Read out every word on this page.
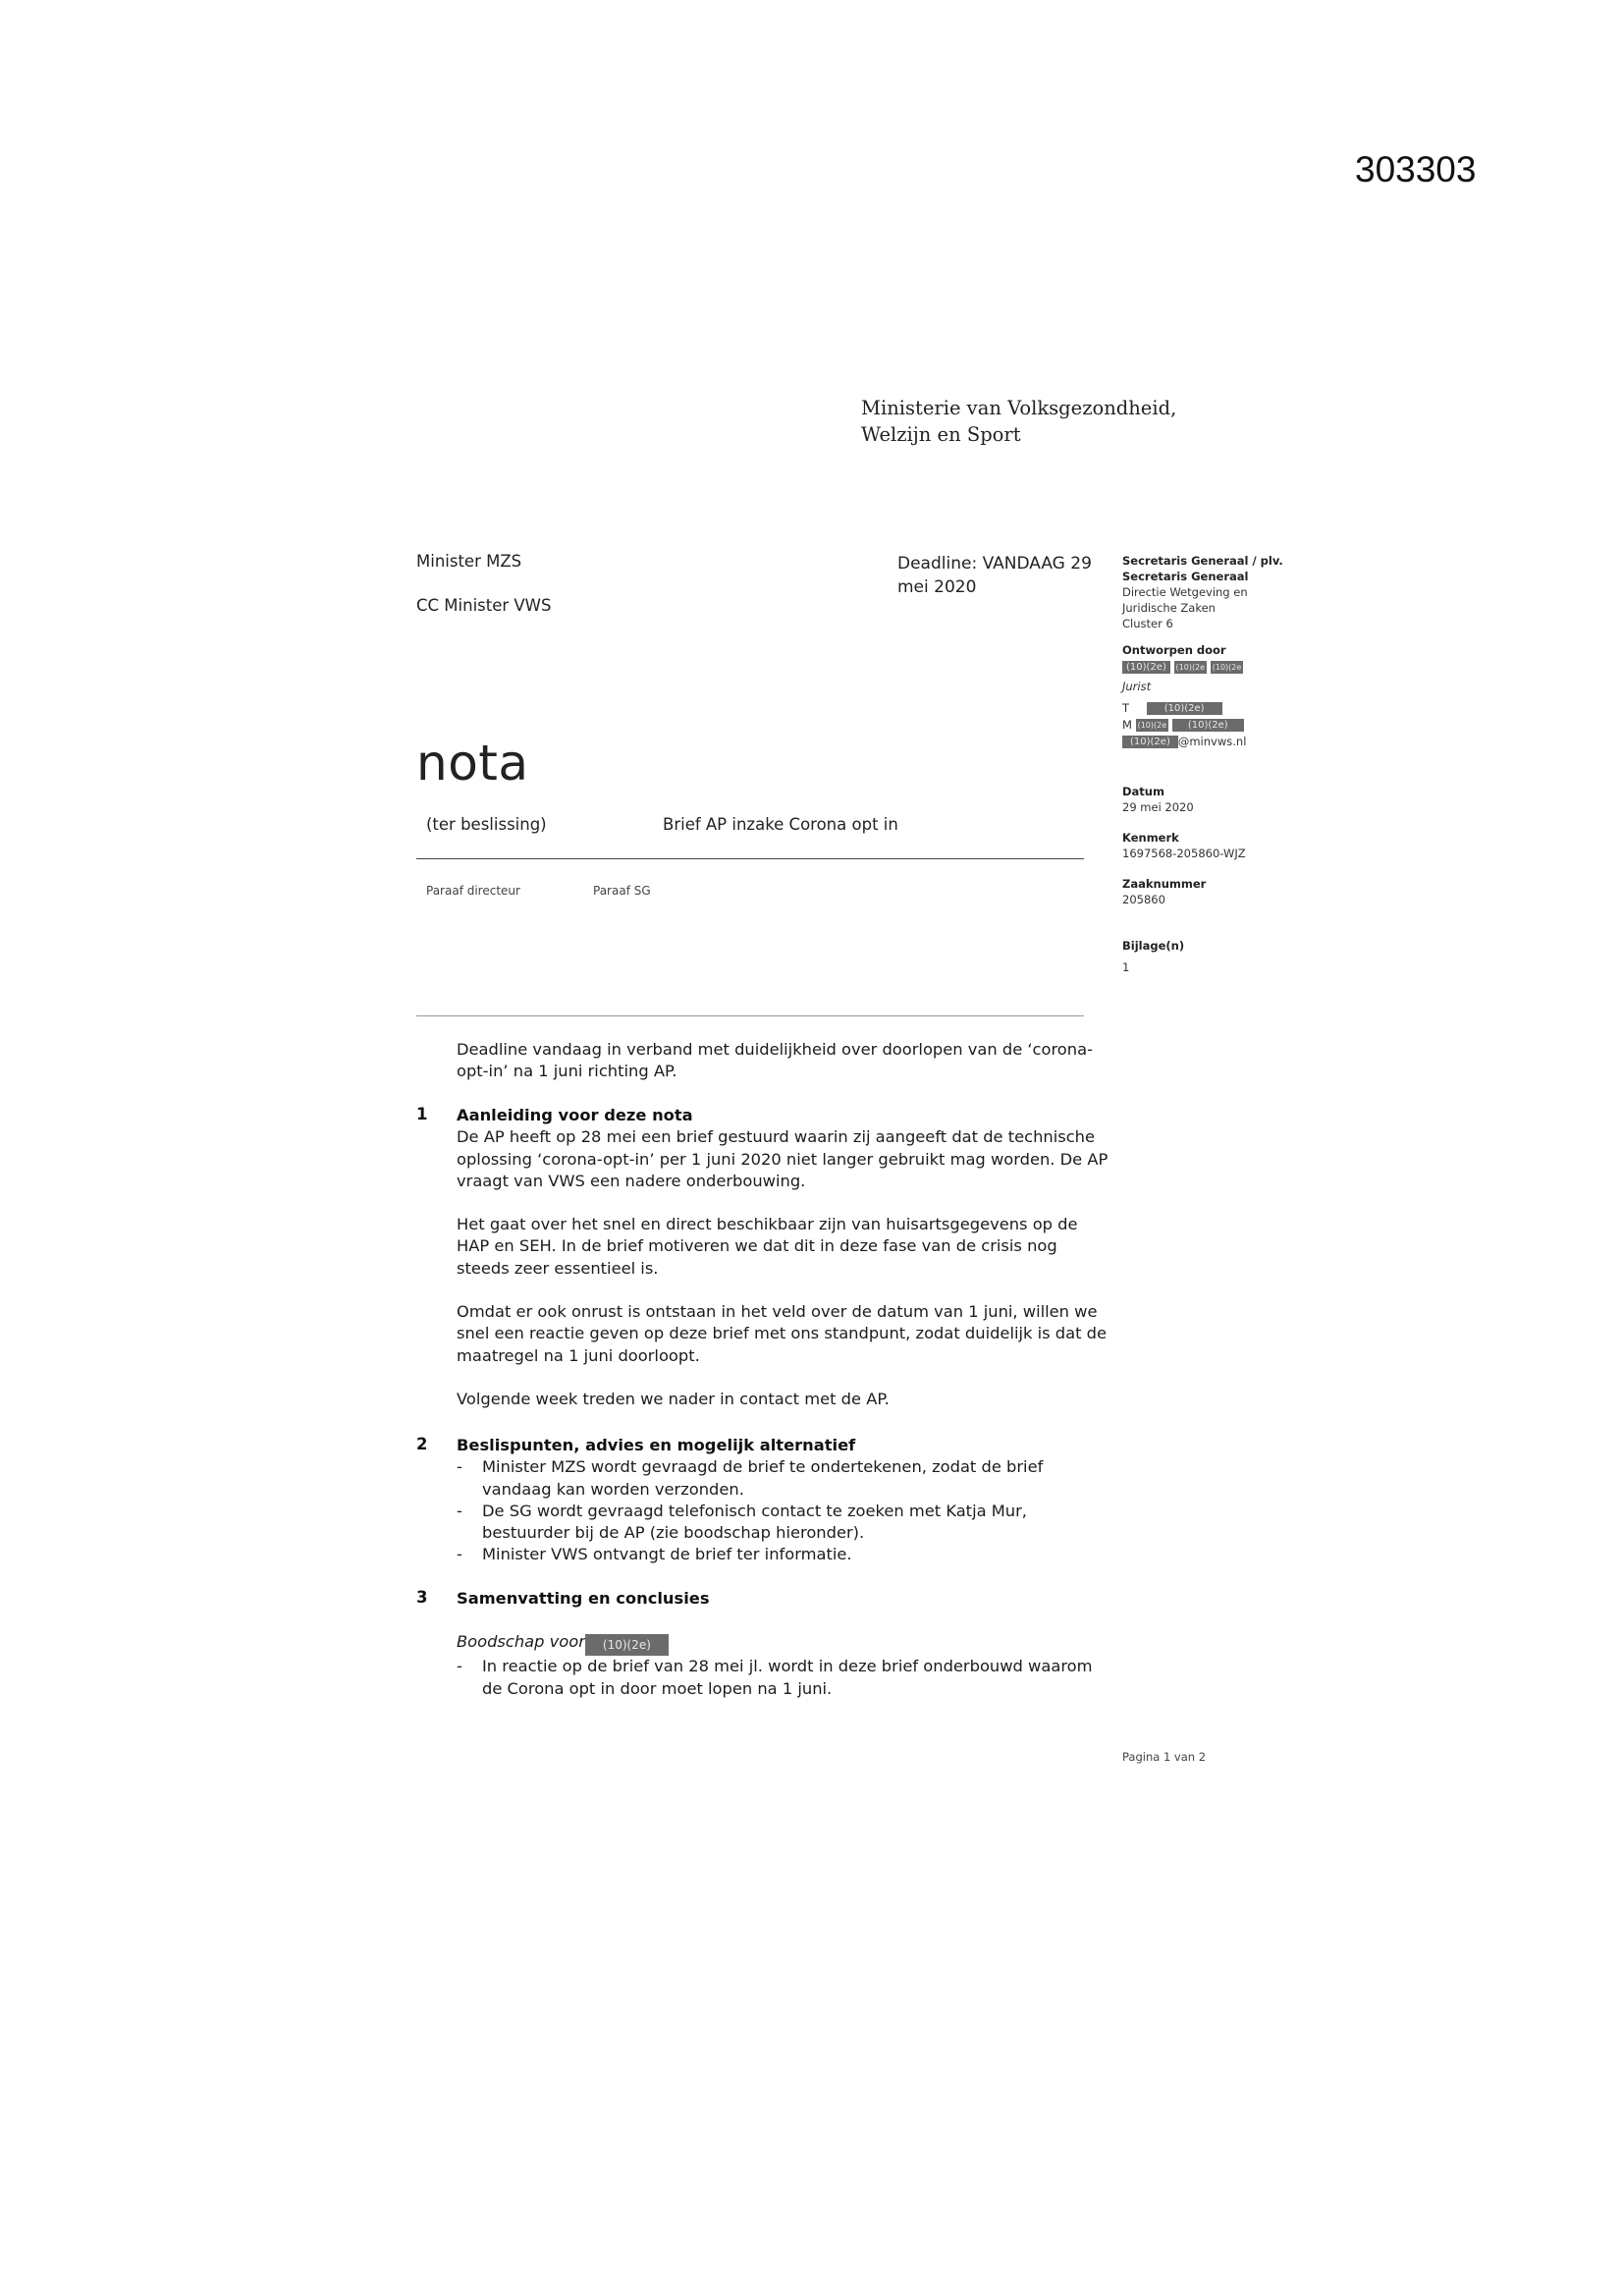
303303
Ministerie van Volksgezondheid,
Welzijn en Sport
Minister MZS
CC Minister VWS
Deadline: VANDAAG 29 mei 2020
Secretaris Generaal / plv.
Secretaris Generaal
Directie Wetgeving en
Juridische Zaken
Cluster 6
Ontworpen door
(10)(2e) (10)(2e (10)(2e
Jurist
T	(10)(2e)
M (10)(2e (10)(2e)
(10)(2e) @minvws.nl
Datum
29 mei 2020
Kenmerk
1697568-205860-WJZ
Zaaknummer
205860
Bijlage(n)
1
nota
(ter beslissing)	Brief AP inzake Corona opt in
Paraaf directeur	Paraaf SG
Deadline vandaag in verband met duidelijkheid over doorlopen van de ‘corona-opt-in’ na 1 juni richting AP.
1 Aanleiding voor deze nota

De AP heeft op 28 mei een brief gestuurd waarin zij aangeeft dat de technische oplossing ‘corona-opt-in’ per 1 juni 2020 niet langer gebruikt mag worden. De AP vraagt van VWS een nadere onderbouwing.

Het gaat over het snel en direct beschikbaar zijn van huisartsgegevens op de HAP en SEH. In de brief motiveren we dat dit in deze fase van de crisis nog steeds zeer essentieel is.

Omdat er ook onrust is ontstaan in het veld over de datum van 1 juni, willen we snel een reactie geven op deze brief met ons standpunt, zodat duidelijk is dat de maatregel na 1 juni doorloopt.

Volgende week treden we nader in contact met de AP.

2 Beslispunten, advies en mogelijk alternatief

- Minister MZS wordt gevraagd de brief te ondertekenen, zodat de brief vandaag kan worden verzonden.
- De SG wordt gevraagd telefonisch contact te zoeken met Katja Mur, bestuurder bij de AP (zie boodschap hieronder).
- Minister VWS ontvangt de brief ter informatie.
3 Samenvatting en conclusies

Boodschap voor (10)(2e)

- In reactie op de brief van 28 mei jl. wordt in deze brief onderbouwd waarom de Corona opt in door moet lopen na 1 juni.
Pagina 1 van 2
